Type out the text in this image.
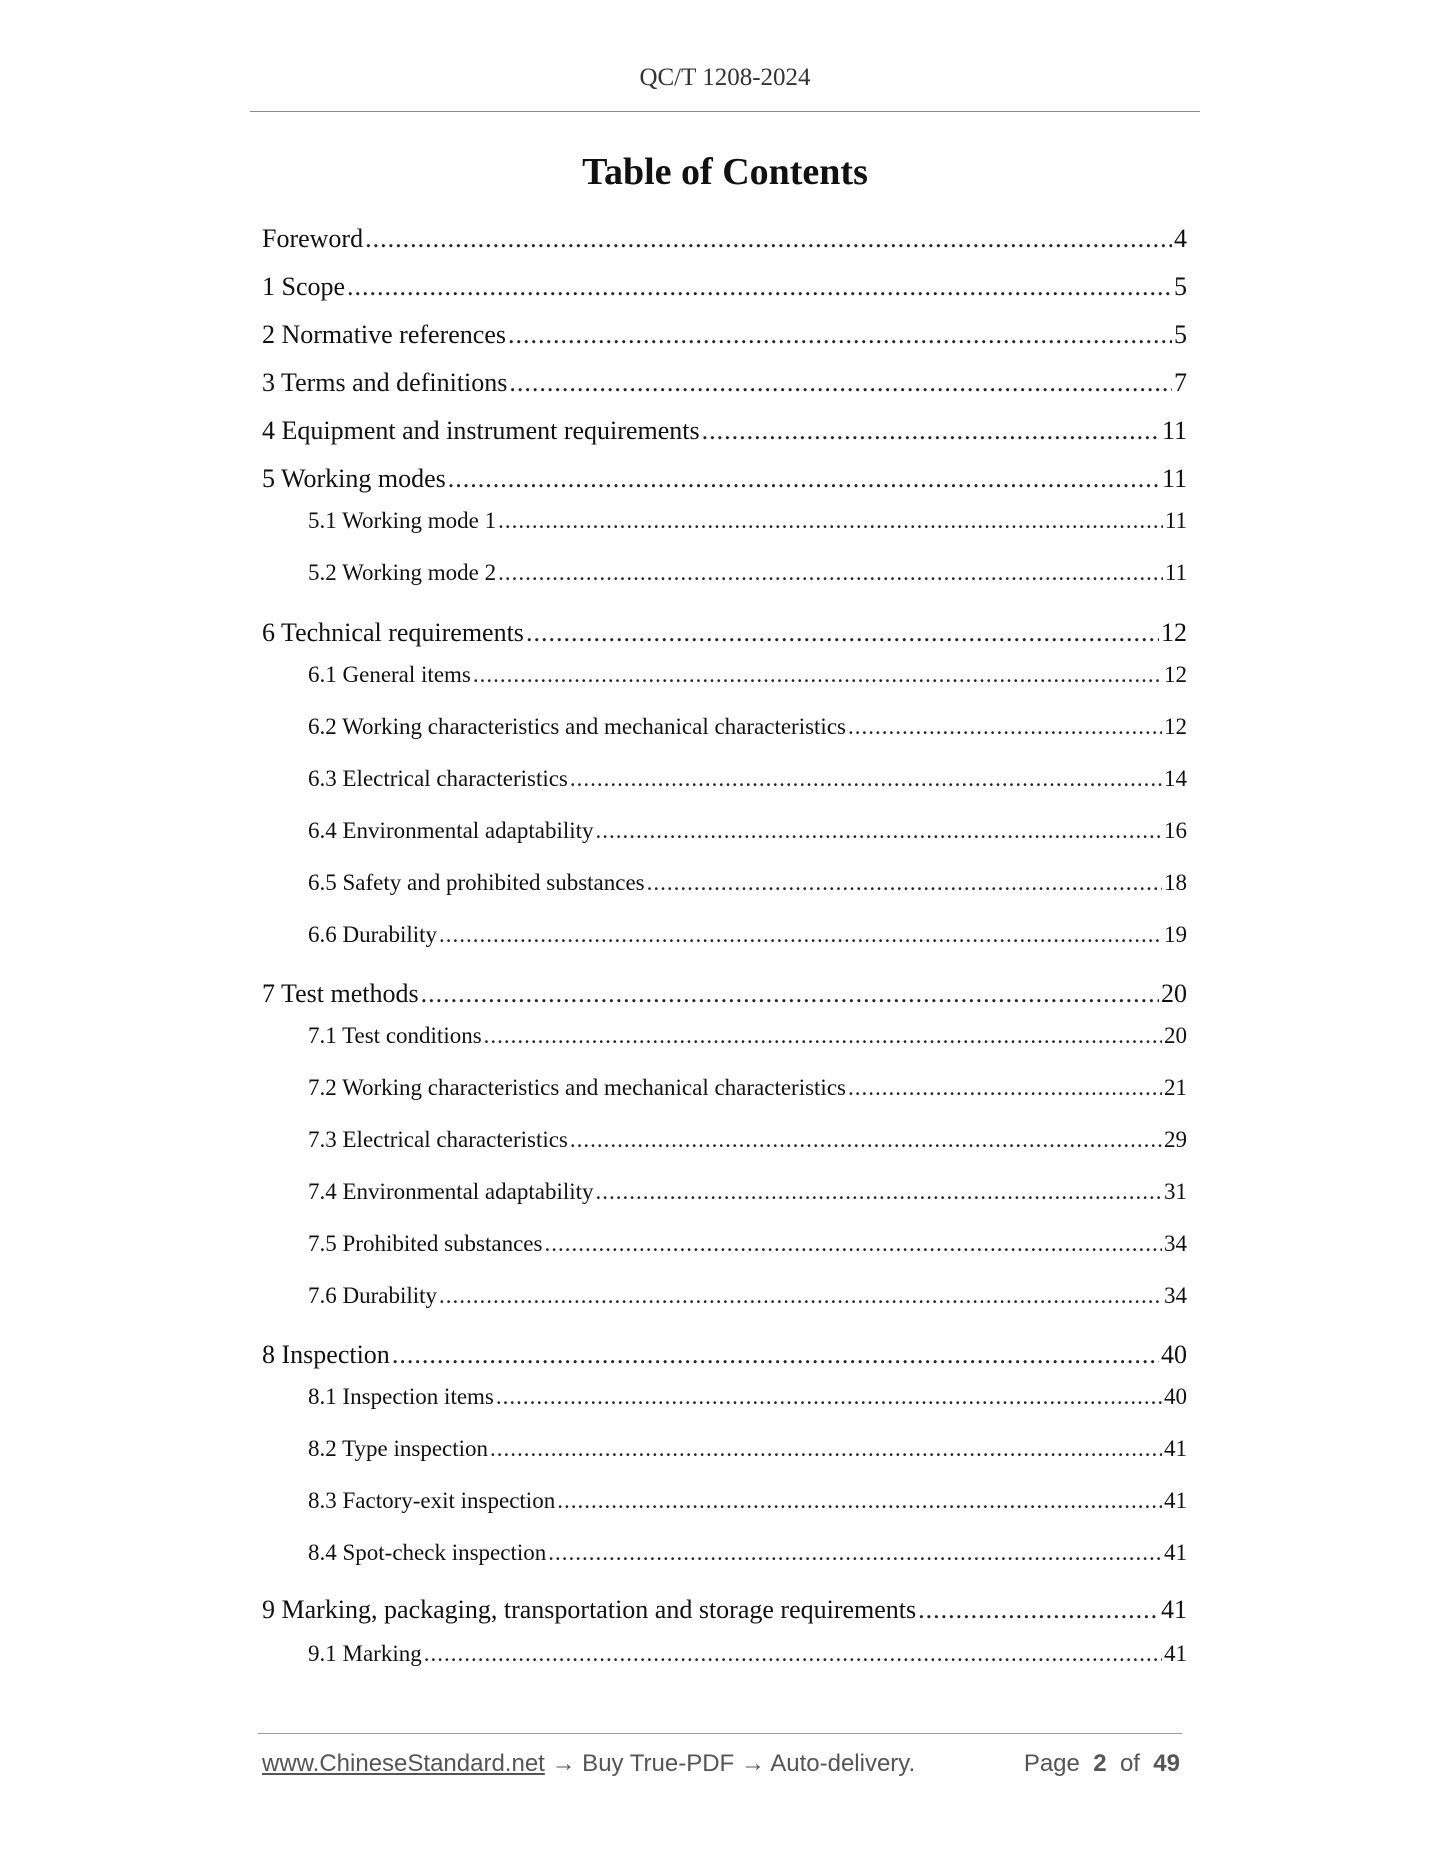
QC/T 1208-2024
Table of Contents
Foreword .....	4
1 Scope .....	5
2 Normative references .....	5
3 Terms and definitions .....	7
4 Equipment and instrument requirements .....	11
5 Working modes .....	11
5.1 Working mode 1 .....	11
5.2 Working mode 2 .....	11
6 Technical requirements .....	12
6.1 General items .....	12
6.2 Working characteristics and mechanical characteristics .....	12
6.3 Electrical characteristics .....	14
6.4 Environmental adaptability .....	16
6.5 Safety and prohibited substances .....	18
6.6 Durability .....	19
7 Test methods .....	20
7.1 Test conditions .....	20
7.2 Working characteristics and mechanical characteristics .....	21
7.3 Electrical characteristics .....	29
7.4 Environmental adaptability .....	31
7.5 Prohibited substances .....	34
7.6 Durability .....	34
8 Inspection .....	40
8.1 Inspection items .....	40
8.2 Type inspection .....	41
8.3 Factory-exit inspection .....	41
8.4 Spot-check inspection .....	41
9 Marking, packaging, transportation and storage requirements .....	41
9.1 Marking .....	41
www.ChineseStandard.net → Buy True-PDF → Auto-delivery.	Page 2 of 49
